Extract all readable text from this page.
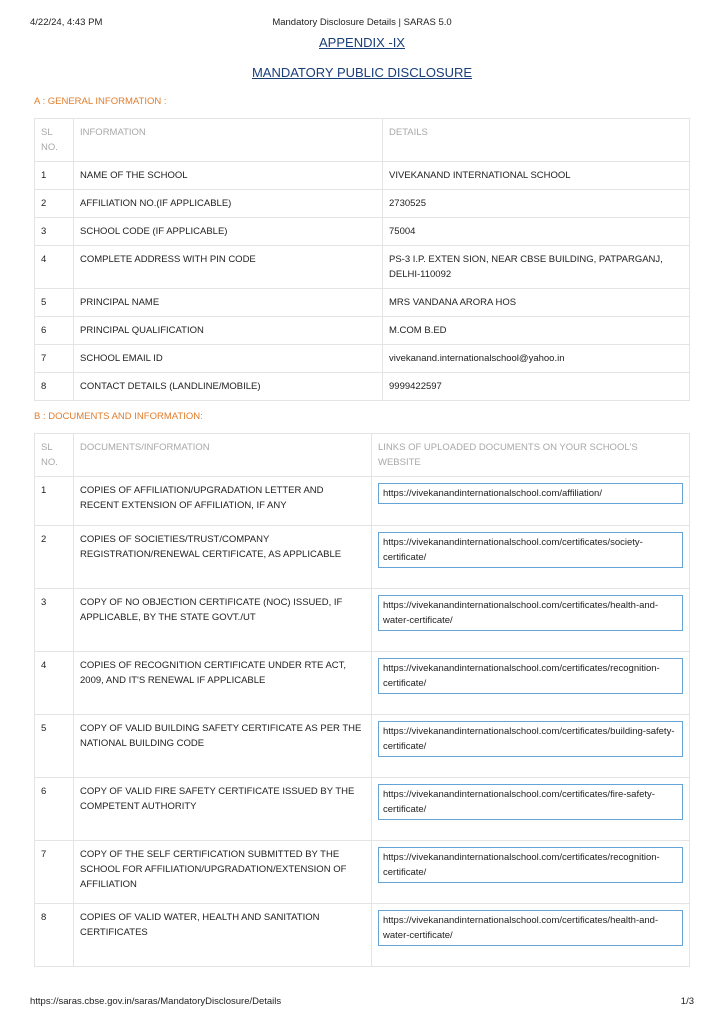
4/22/24, 4:43 PM	Mandatory Disclosure Details | SARAS 5.0
APPENDIX -IX
MANDATORY PUBLIC DISCLOSURE
A : GENERAL INFORMATION :
SL NO.	INFORMATION	DETAILS
1	NAME OF THE SCHOOL	VIVEKANAND INTERNATIONAL SCHOOL
2	AFFILIATION NO.(IF APPLICABLE)	2730525
3	SCHOOL CODE (IF APPLICABLE)	75004
4	COMPLETE ADDRESS WITH PIN CODE	PS-3 I.P. EXTEN SION, NEAR CBSE BUILDING, PATPARGANJ, DELHI-110092
5	PRINCIPAL NAME	MRS VANDANA ARORA HOS
6	PRINCIPAL QUALIFICATION	M.COM B.ED
7	SCHOOL EMAIL ID	vivekanand.internationalschool@yahoo.in
8	CONTACT DETAILS (LANDLINE/MOBILE)	9999422597
B : DOCUMENTS AND INFORMATION:
SL NO.	DOCUMENTS/INFORMATION	LINKS OF UPLOADED DOCUMENTS ON YOUR SCHOOL'S WEBSITE
1	COPIES OF AFFILIATION/UPGRADATION LETTER AND RECENT EXTENSION OF AFFILIATION, IF ANY	https://vivekanandinternationalschool.com/affiliation/

2	COPIES OF SOCIETIES/TRUST/COMPANY REGISTRATION/RENEWAL CERTIFICATE, AS APPLICABLE	https://vivekanandinternationalschool.com/certificates/society-certificate/

3	COPY OF NO OBJECTION CERTIFICATE (NOC) ISSUED, IF APPLICABLE, BY THE STATE GOVT./UT	https://vivekanandinternationalschool.com/certificates/health-and-water-certificate/

4	COPIES OF RECOGNITION CERTIFICATE UNDER RTE ACT, 2009, AND IT'S RENEWAL IF APPLICABLE	https://vivekanandinternationalschool.com/certificates/recognition-certificate/

5	COPY OF VALID BUILDING SAFETY CERTIFICATE AS PER THE NATIONAL BUILDING CODE	https://vivekanandinternationalschool.com/certificates/building-safety-certificate/

6	COPY OF VALID FIRE SAFETY CERTIFICATE ISSUED BY THE COMPETENT AUTHORITY	https://vivekanandinternationalschool.com/certificates/fire-safety-certificate/

7	COPY OF THE SELF CERTIFICATION SUBMITTED BY THE SCHOOL FOR AFFILIATION/UPGRADATION/EXTENSION OF AFFILIATION	https://vivekanandinternationalschool.com/certificates/recognition-certificate/

8	COPIES OF VALID WATER, HEALTH AND SANITATION CERTIFICATES	https://vivekanandinternationalschool.com/certificates/health-and-water-certificate/
https://saras.cbse.gov.in/saras/MandatoryDisclosure/Details	1/3
